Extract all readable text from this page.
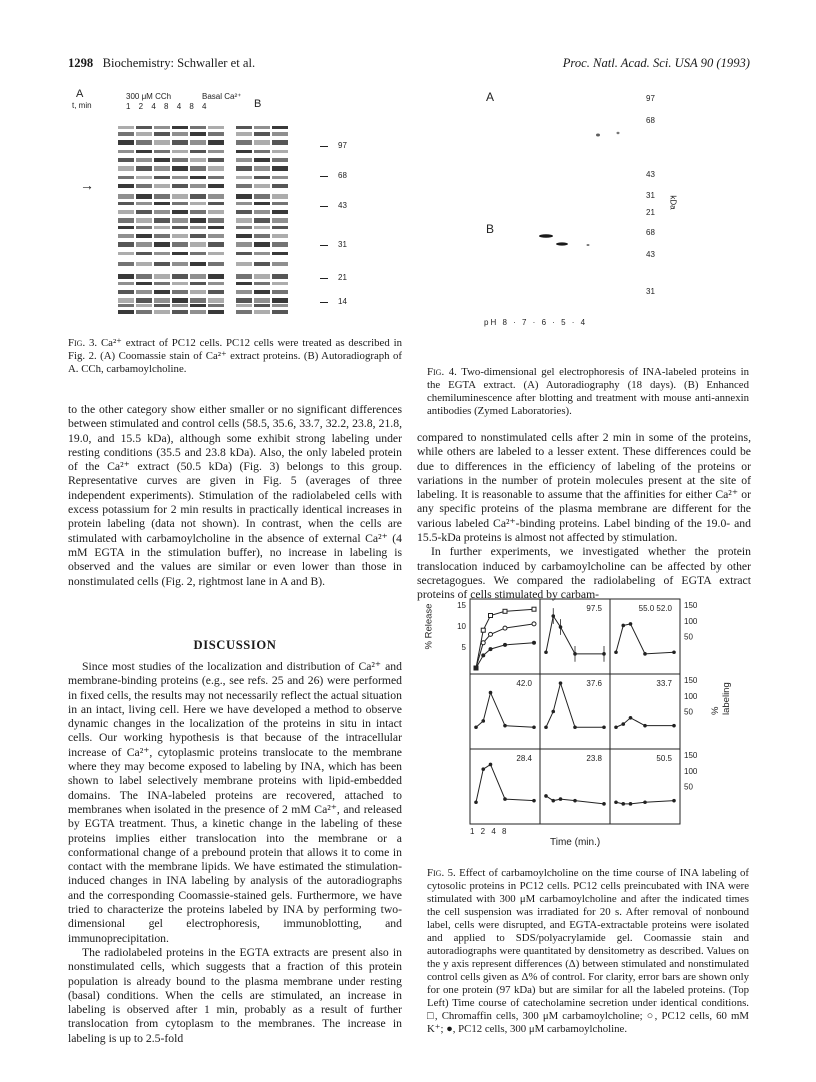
1298 Biochemistry: Schwaller et al.	Proc. Natl. Acad. Sci. USA 90 (1993)
A
t, min
300 μM CCh	Basal Ca²⁺
1 2 4 8 4 8 4	B
→
97
68
43
31
21
14
Fig. 3. Ca²⁺ extract of PC12 cells. PC12 cells were treated as described in Fig. 2. (A) Coomassie stain of Ca²⁺ extract proteins. (B) Autoradiograph of A. CCh, carbamoylcholine.
A
B
97
68
43
31
21
kDa
68
43
31
pH 8 · 7 · 6 · 5 · 4
Fig. 4. Two-dimensional gel electrophoresis of INA-labeled proteins in the EGTA extract. (A) Autoradiography (18 days). (B) Enhanced chemiluminescence after blotting and treatment with mouse anti-annexin antibodies (Zymed Laboratories).

to the other category show either smaller or no significant differences between stimulated and control cells (58.5, 35.6, 33.7, 32.2, 23.8, 21.8, 19.0, and 15.5 kDa), although some exhibit strong labeling under resting conditions (35.5 and 23.8 kDa). Also, the only labeled protein of the Ca²⁺ extract (50.5 kDa) (Fig. 3) belongs to this group. Representative curves are given in Fig. 5 (averages of three independent experiments). Stimulation of the radiolabeled cells with excess potassium for 2 min results in practically identical increases in protein labeling (data not shown). In contrast, when the cells are stimulated with carbamoylcholine in the absence of external Ca²⁺ (4 mM EGTA in the stimulation buffer), no increase in labeling is observed and the values are similar or even lower than those in nonstimulated cells (Fig. 2, rightmost lane in A and B).

DISCUSSION

Since most studies of the localization and distribution of Ca²⁺ and membrane-binding proteins (e.g., see refs. 25 and 26) were performed in fixed cells, the results may not necessarily reflect the actual situation in an intact, living cell. Here we have developed a method to observe dynamic changes in the localization of the proteins in situ in intact cells. Our working hypothesis is that because of the intracellular increase of Ca²⁺, cytoplasmic proteins translocate to the membrane where they may become exposed to labeling by INA, which has been shown to label selectively membrane proteins with lipid-embedded domains. The INA-labeled proteins are recovered, attached to membranes when isolated in the presence of 2 mM Ca²⁺, and released by EGTA treatment. Thus, a kinetic change in the labeling of these proteins implies either translocation into the membrane or a conformational change of a prebound protein that allows it to come in contact with the membrane lipids. We have estimated the stimulation-induced changes in INA labeling by analysis of the autoradiographs and the corresponding Coomassie-stained gels. Furthermore, we have tried to characterize the proteins labeled by INA by performing two-dimensional gel electrophoresis, immunoblotting, and immunoprecipitation.

The radiolabeled proteins in the EGTA extracts are present also in nonstimulated cells, which suggests that a fraction of this protein population is already bound to the plasma membrane under resting (basal) conditions. When the cells are stimulated, an increase in labeling is observed after 1 min, probably as a result of further translocation from cytoplasm to the membranes. The increase in labeling is up to 2.5-fold

compared to nonstimulated cells after 2 min in some of the proteins, while others are labeled to a lesser extent. These differences could be due to differences in the efficiency of labeling of the proteins or variations in the number of protein molecules present at the site of labeling. It is reasonable to assume that the affinities for either Ca²⁺ or any specific proteins of the plasma membrane are different for the various labeled Ca²⁺-binding proteins. Label binding of the 19.0- and 15.5-kDa proteins is almost not affected by stimulation.

In further experiments, we investigated whether the protein translocation induced by carbamoylcholine can be affected by other secretagogues. We compared the radiolabeling of EGTA extract proteins of cells stimulated by carbam-

% Release
% labeling
97.5	55.0 52.0
42.0	37.6	33.7
28.4	23.8	50.5
15
10
5
150
100
50
150
100
50
150
100
50
1 2 4 8
Time (min.)
Fig. 5. Effect of carbamoylcholine on the time course of INA labeling of cytosolic proteins in PC12 cells. PC12 cells preincubated with INA were stimulated with 300 μM carbamoylcholine and after the indicated times the cell suspension was irradiated for 20 s. After removal of nonbound label, cells were disrupted, and EGTA-extractable proteins were isolated and applied to SDS/polyacrylamide gel. Coomassie stain and autoradiographs were quantitated by densitometry as described. Values on the y axis represent differences (Δ) between stimulated and nonstimulated control cells given as Δ% of control. For clarity, error bars are shown only for one protein (97 kDa) but are similar for all the labeled proteins. (Top Left) Time course of catecholamine secretion under identical conditions. □, Chromaffin cells, 300 μM carbamoylcholine; ○, PC12 cells, 60 mM K⁺; ●, PC12 cells, 300 μM carbamoylcholine.
